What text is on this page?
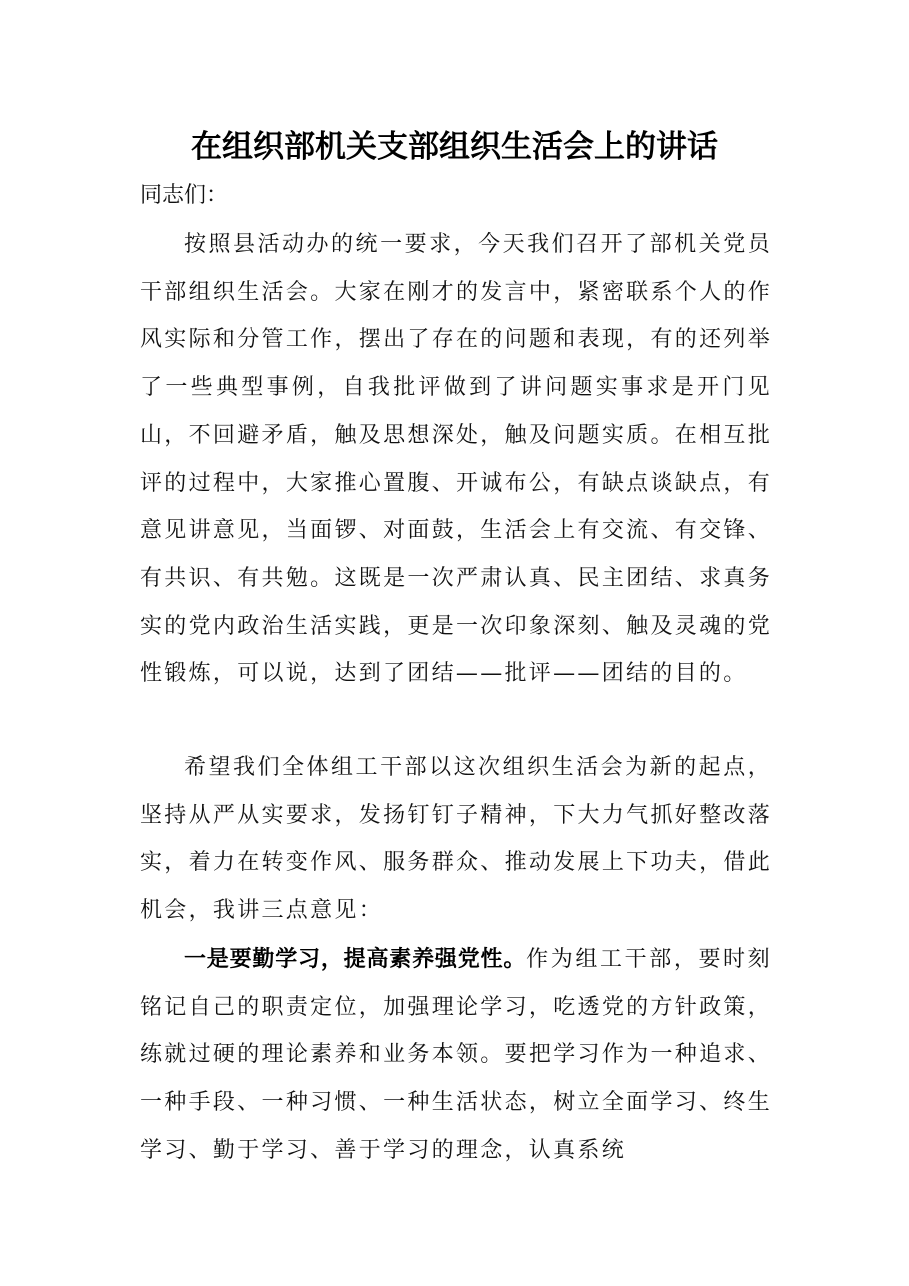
在组织部机关支部组织生活会上的讲话

同志们：

按照县活动办的统一要求，今天我们召开了部机关党员干部组织生活会。大家在刚才的发言中，紧密联系个人的作风实际和分管工作，摆出了存在的问题和表现，有的还列举了一些典型事例，自我批评做到了讲问题实事求是开门见山，不回避矛盾，触及思想深处，触及问题实质。在相互批评的过程中，大家推心置腹、开诚布公，有缺点谈缺点，有意见讲意见，当面锣、对面鼓，生活会上有交流、有交锋、有共识、有共勉。这既是一次严肃认真、民主团结、求真务实的党内政治生活实践，更是一次印象深刻、触及灵魂的党性锻炼，可以说，达到了团结——批评——团结的目的。

希望我们全体组工干部以这次组织生活会为新的起点，坚持从严从实要求，发扬钉钉子精神，下大力气抓好整改落实，着力在转变作风、服务群众、推动发展上下功夫，借此机会，我讲三点意见：

一是要勤学习，提高素养强党性。作为组工干部，要时刻铭记自己的职责定位，加强理论学习，吃透党的方针政策，练就过硬的理论素养和业务本领。要把学习作为一种追求、一种手段、一种习惯、一种生活状态，树立全面学习、终生学习、勤于学习、善于学习的理念，认真系统
